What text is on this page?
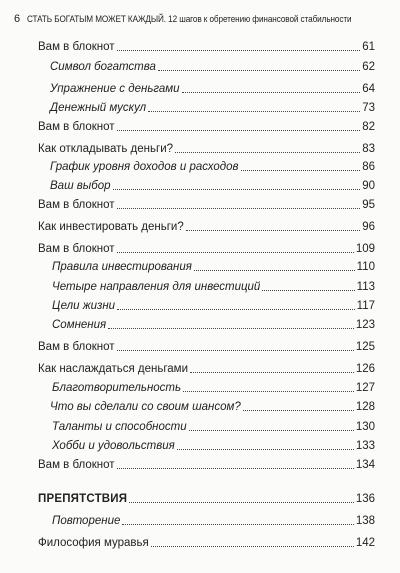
6 СТАТЬ БОГАТЫМ МОЖЕТ КАЖДЫЙ. 12 шагов к обретению финансовой стабильности
Вам в блокнот	61
Символ богатства	62
Упражнение с деньгами	64
Денежный мускул	73
Вам в блокнот	82
Как откладывать деньги?	83
График уровня доходов и расходов	86
Ваш выбор	90
Вам в блокнот	95
Как инвестировать деньги?	96
Вам в блокнот	109
Правила инвестирования	110
Четыре направления для инвестиций	113
Цели жизни	117
Сомнения	123
Вам в блокнот	125
Как наслаждаться деньгами	126
Благотворительность	127
Что вы сделали со своим шансом?	128
Таланты и способности	130
Хобби и удовольствия	133
Вам в блокнот	134
ПРЕПЯТСТВИЯ	136
Повторение	138
Философия муравья	142
